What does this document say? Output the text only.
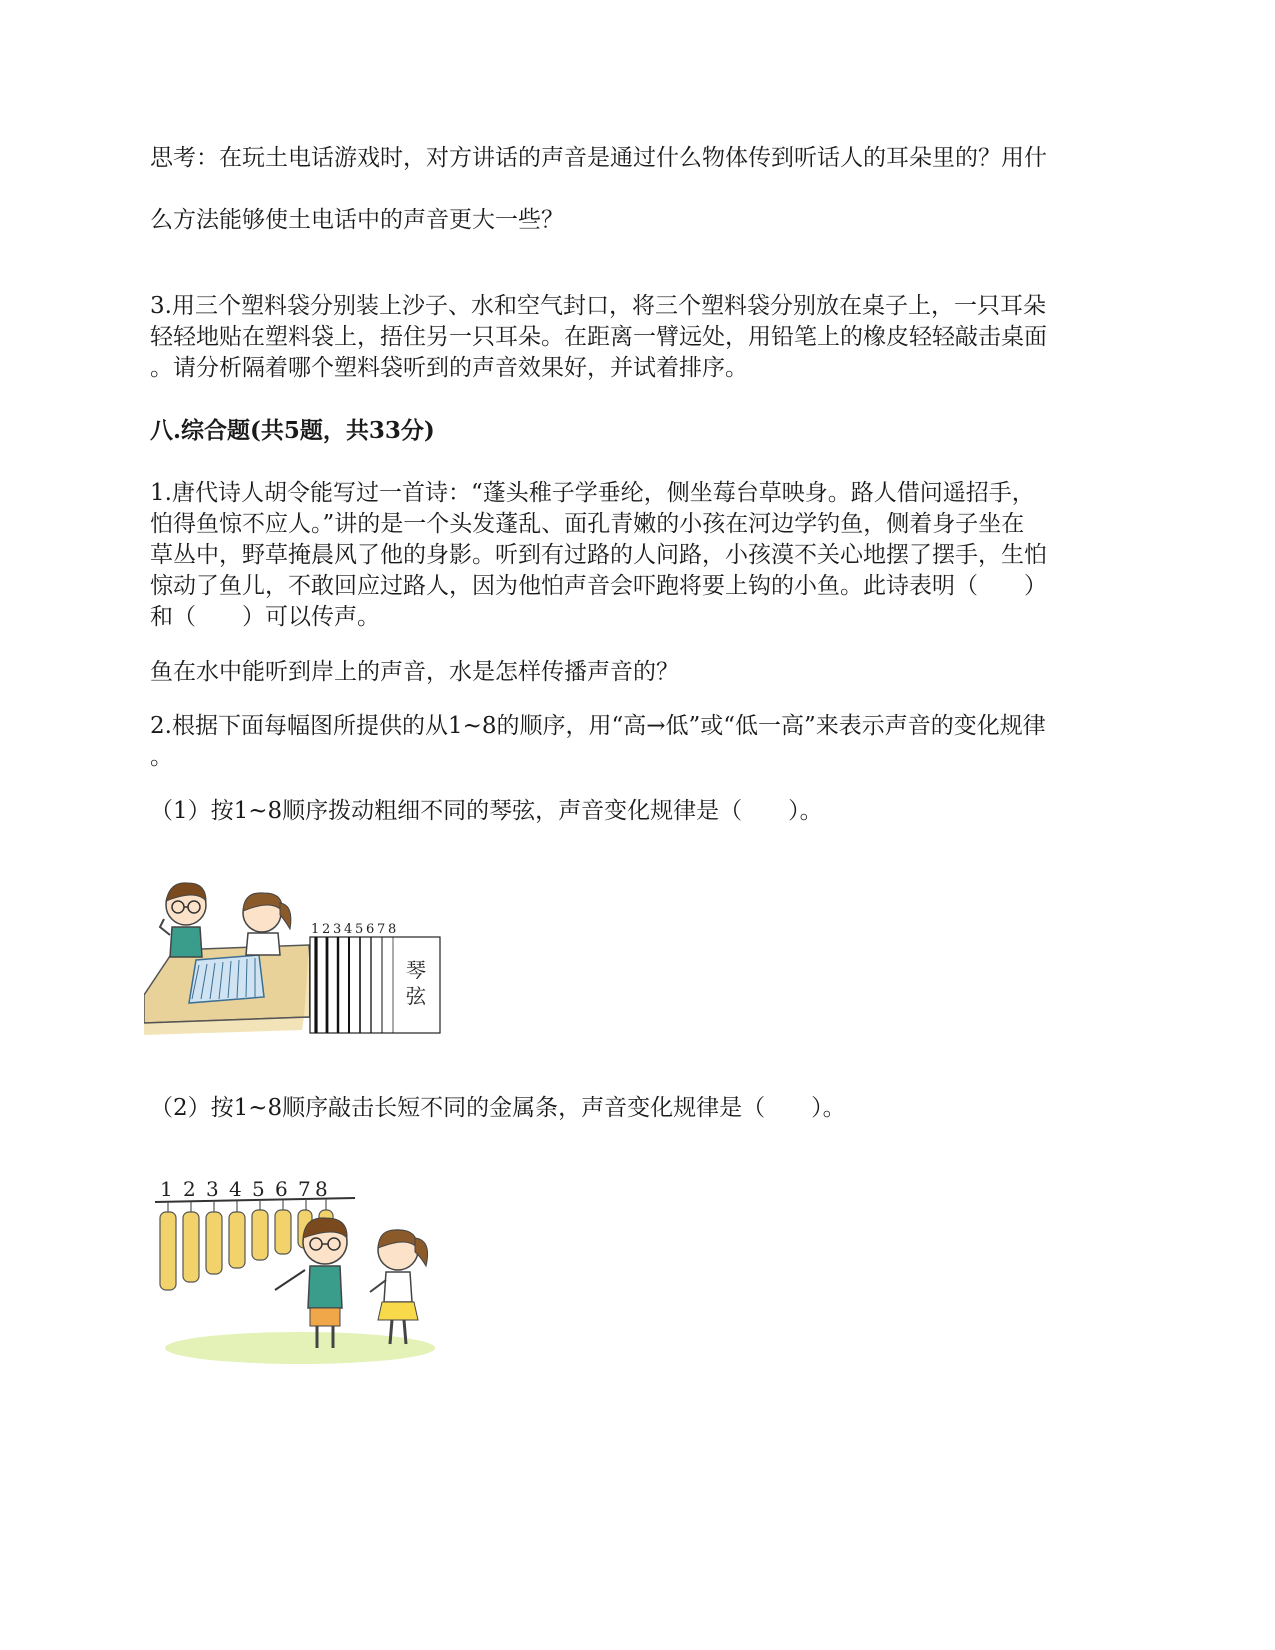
思考：在玩土电话游戏时，对方讲话的声音是通过什么物体传到听话人的耳朵里的？用什
么方法能够使土电话中的声音更大一些？
3.用三个塑料袋分别装上沙子、水和空气封口，将三个塑料袋分别放在桌子上，一只耳朵
轻轻地贴在塑料袋上，捂住另一只耳朵。在距离一臂远处，用铅笔上的橡皮轻轻敲击桌面
。请分析隔着哪个塑料袋听到的声音效果好，并试着排序。
八.综合题(共5题，共33分)
1.唐代诗人胡令能写过一首诗：“蓬头稚子学垂纶，侧坐莓台草映身。路人借问遥招手，
怕得鱼惊不应人。”讲的是一个头发蓬乱、面孔青嫩的小孩在河边学钓鱼，侧着身子坐在
草丛中，野草掩晨风了他的身影。听到有过路的人问路，小孩漠不关心地摆了摆手，生怕
惊动了鱼儿，不敢回应过路人，因为他怕声音会吓跑将要上钩的小鱼。此诗表明（　　）
和（　　）可以传声。
鱼在水中能听到岸上的声音，水是怎样传播声音的？
2.根据下面每幅图所提供的从1~8的顺序，用“高→低”或“低一高”来表示声音的变化规律
。
（1）按1~8顺序拨动粗细不同的琴弦，声音变化规律是（　　）。
1 2 3 4 5 6 7 8
琴
弦
（2）按1~8顺序敲击长短不同的金属条，声音变化规律是（　　）。
1 2 3 4 5 6 7 8
